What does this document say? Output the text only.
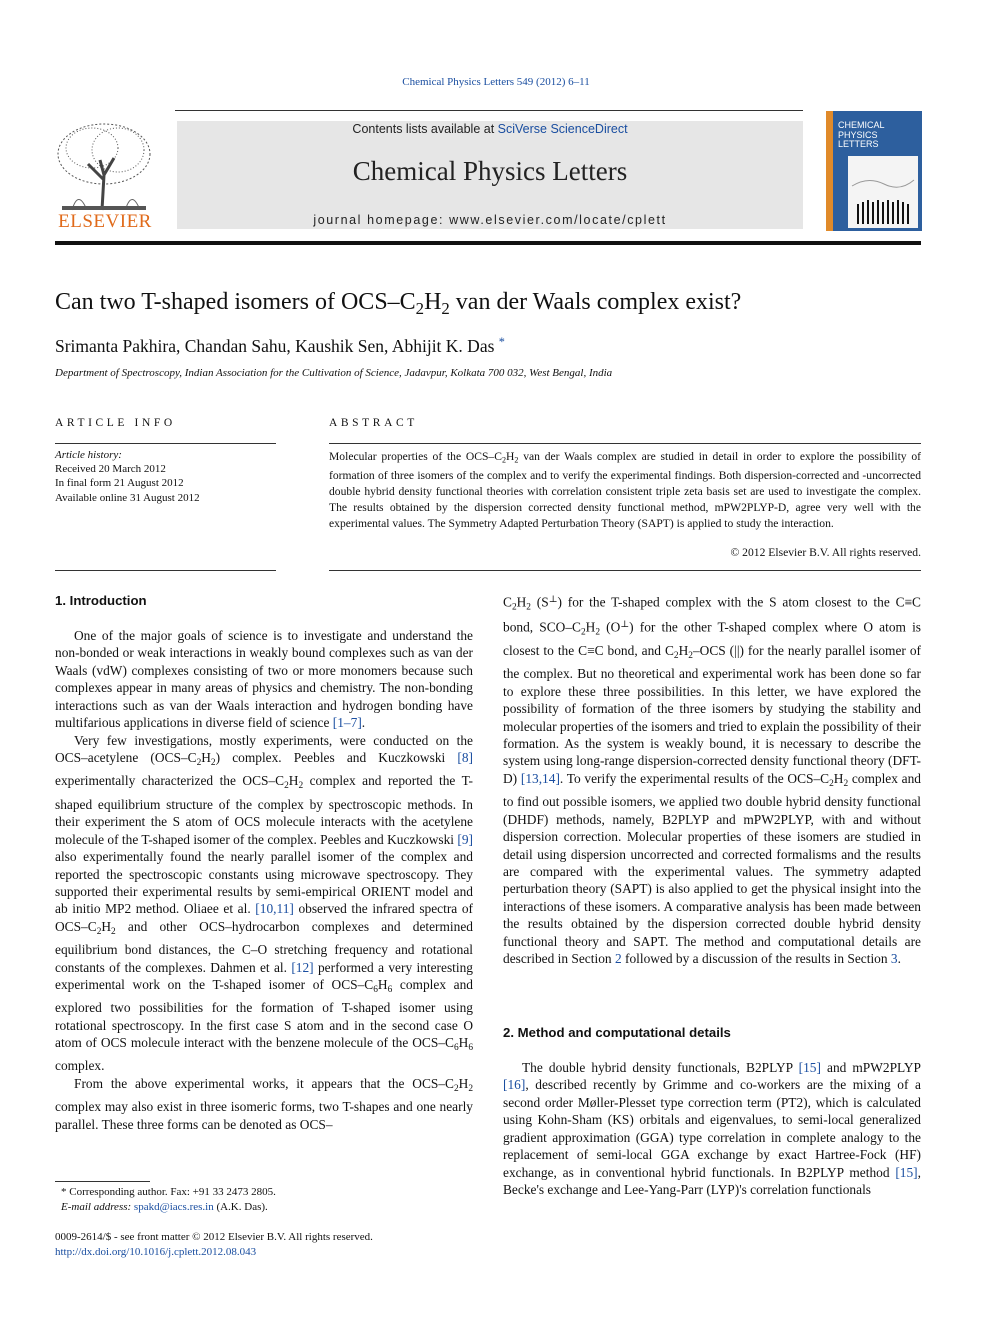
Chemical Physics Letters 549 (2012) 6–11
ELSEVIER
Contents lists available at SciVerse ScienceDirect
Chemical Physics Letters
journal homepage: www.elsevier.com/locate/cplett
CHEMICAL
PHYSICS
LETTERS
Can two T-shaped isomers of OCS–$C_2H_2$ van der Waals complex exist?
Srimanta Pakhira, Chandan Sahu, Kaushik Sen, Abhijit K. Das *
Department of Spectroscopy, Indian Association for the Cultivation of Science, Jadavpur, Kolkata 700 032, West Bengal, India
ARTICLE INFO
Article history:
Received 20 March 2012
In final form 21 August 2012
Available online 31 August 2012
ABSTRACT
Molecular properties of the OCS–$C_2H_2$ van der Waals complex are studied in detail in order to explore the possibility of formation of three isomers of the complex and to verify the experimental findings. Both dispersion-corrected and -uncorrected double hybrid density functional theories with correlation consistent triple zeta basis set are used to investigate the complex. The results obtained by the dispersion corrected density functional method, mPW2PLYP-D, agree very well with the experimental values. The Symmetry Adapted Perturbation Theory (SAPT) is applied to study the interaction.
© 2012 Elsevier B.V. All rights reserved.
1. Introduction

One of the major goals of science is to investigate and understand the non-bonded or weak interactions in weakly bound complexes such as van der Waals (vdW) complexes consisting of two or more monomers because such complexes appear in many areas of physics and chemistry. The non-bonding interactions such as van der Waals interaction and hydrogen bonding have multifarious applications in diverse field of science [1–7].

Very few investigations, mostly experiments, were conducted on the OCS–acetylene $(OCS-C_2H_2)$ complex. Peebles and Kuczkowski [8] experimentally characterized the OCS–$C_2H_2$ complex and reported the T-shaped equilibrium structure of the complex by spectroscopic methods. In their experiment the S atom of OCS molecule interacts with the acetylene molecule of the T-shaped isomer of the complex. Peebles and Kuczkowski [9] also experimentally found the nearly parallel isomer of the complex and reported the spectroscopic constants using microwave spectroscopy. They supported their experimental results by semi-empirical ORIENT model and ab initio MP2 method. Oliaee et al. [10,11] observed the infrared spectra of OCS–$C_2H_2$ and other OCS–hydrocarbon complexes and determined equilibrium bond distances, the C–O stretching frequency and rotational constants of the complexes. Dahmen et al. [12] performed a very interesting experimental work on the T-shaped isomer of OCS–$C_6H_6$ complex and explored two possibilities for the formation of T-shaped isomer using rotational spectroscopy. In the first case S atom and in the second case O atom of OCS molecule interact with the benzene molecule of the OCS–$C_6H_6$ complex.

From the above experimental works, it appears that the OCS–$C_2H_2$ complex may also exist in three isomeric forms, two T-shapes and one nearly parallel. These three forms can be denoted as OCS–

$C_2H_2$ (S⊥) for the T-shaped complex with the S atom closest to the C≡C bond, SCO–$C_2H_2$ (O⊥) for the other T-shaped complex where O atom is closest to the C≡C bond, and $C_2H_2$–OCS (||) for the nearly parallel isomer of the complex. But no theoretical and experimental work has been done so far to explore these three possibilities. In this letter, we have explored the possibility of formation of the three isomers by studying the stability and molecular properties of the isomers and tried to explain the possibility of their formation. As the system is weakly bound, it is necessary to describe the system using long-range dispersion-corrected density functional theory (DFT-D) [13,14]. To verify the experimental results of the OCS–$C_2H_2$ complex and to find out possible isomers, we applied two double hybrid density functional (DHDF) methods, namely, B2PLYP and mPW2PLYP, with and without dispersion correction. Molecular properties of these isomers are studied in detail using dispersion uncorrected and corrected formalisms and the results are compared with the experimental values. The symmetry adapted perturbation theory (SAPT) is also applied to get the physical insight into the interactions of these isomers. A comparative analysis has been made between the results obtained by the dispersion corrected double hybrid density functional theory and SAPT. The method and computational details are described in Section 2 followed by a discussion of the results in Section 3.

2. Method and computational details

The double hybrid density functionals, B2PLYP [15] and mPW2PLYP [16], described recently by Grimme and co-workers are the mixing of a second order Møller-Plesset type correction term (PT2), which is calculated using Kohn-Sham (KS) orbitals and eigenvalues, to semi-local generalized gradient approximation (GGA) type correlation in complete analogy to the replacement of semi-local GGA exchange by exact Hartree-Fock (HF) exchange, as in conventional hybrid functionals. In B2PLYP method [15], Becke's exchange and Lee-Yang-Parr (LYP)'s correlation functionals

* Corresponding author. Fax: +91 33 2473 2805.
E-mail address: spakd@iacs.res.in (A.K. Das).
0009-2614/$ - see front matter © 2012 Elsevier B.V. All rights reserved.
http://dx.doi.org/10.1016/j.cplett.2012.08.043
